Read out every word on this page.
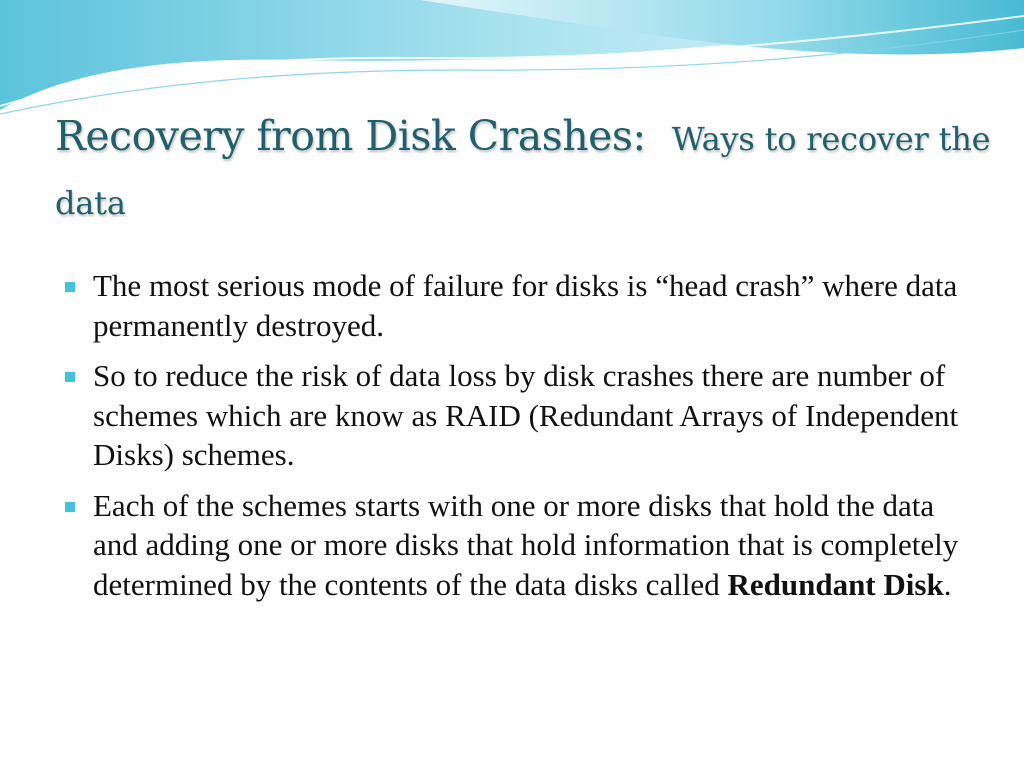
Recovery from Disk Crashes: Ways to recover the data
The most serious mode of failure for disks is “head crash” where data permanently destroyed.
So to reduce the risk of data loss by disk crashes there are number of schemes which are know as RAID (Redundant Arrays of Independent Disks) schemes.
Each of the schemes starts with one or more disks that hold the data and adding one or more disks that hold information that is completely determined by the contents of the data disks called Redundant Disk.
